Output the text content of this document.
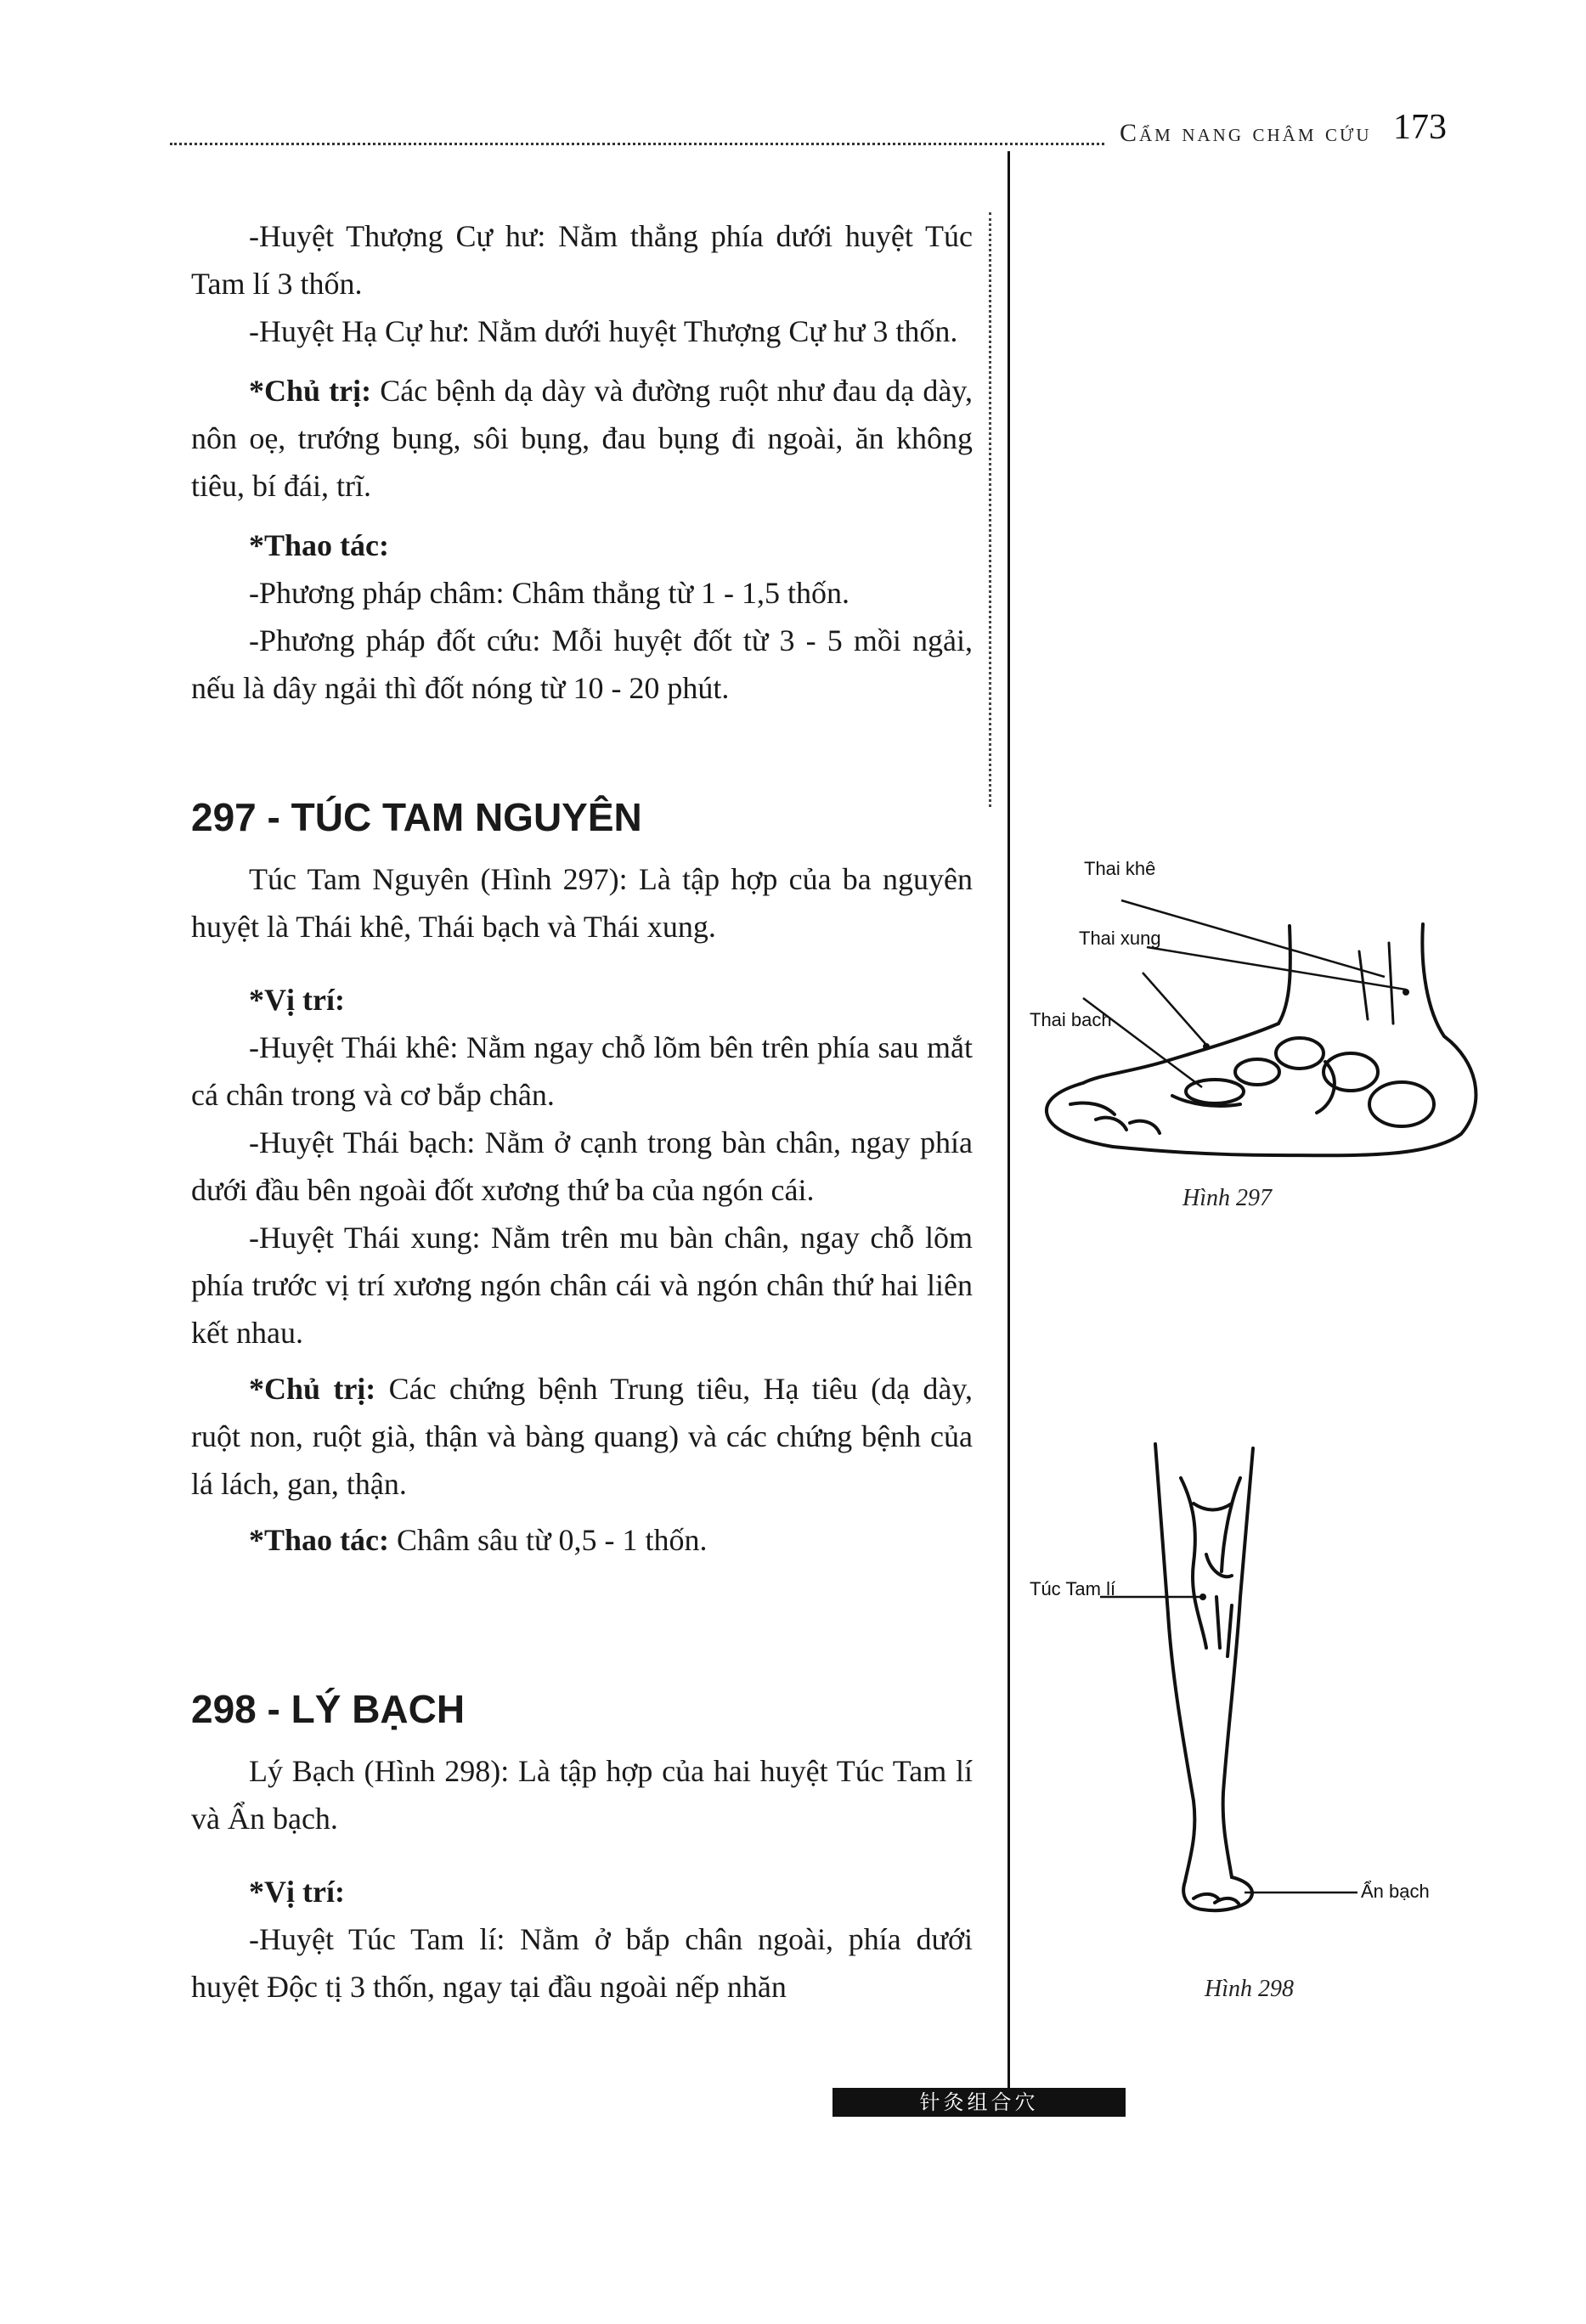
Cẩm nang châm cứu 173

-Huyệt Thượng Cự hư: Nằm thẳng phía dưới huyệt Túc Tam lí 3 thốn.

-Huyệt Hạ Cự hư: Nằm dưới huyệt Thượng Cự hư 3 thốn.

*Chủ trị: Các bệnh dạ dày và đường ruột như đau dạ dày, nôn oẹ, trướng bụng, sôi bụng, đau bụng đi ngoài, ăn không tiêu, bí đái, trĩ.

*Thao tác:

-Phương pháp châm: Châm thẳng từ 1 - 1,5 thốn.

-Phương pháp đốt cứu: Mỗi huyệt đốt từ 3 - 5 mồi ngải, nếu là dây ngải thì đốt nóng từ 10 - 20 phút.

297 - TÚC TAM NGUYÊN

Túc Tam Nguyên (Hình 297): Là tập hợp của ba nguyên huyệt là Thái khê, Thái bạch và Thái xung.

*Vị trí:

-Huyệt Thái khê: Nằm ngay chỗ lõm bên trên phía sau mắt cá chân trong và cơ bắp chân.

-Huyệt Thái bạch: Nằm ở cạnh trong bàn chân, ngay phía dưới đầu bên ngoài đốt xương thứ ba của ngón cái.

-Huyệt Thái xung: Nằm trên mu bàn chân, ngay chỗ lõm phía trước vị trí xương ngón chân cái và ngón chân thứ hai liên kết nhau.

*Chủ trị: Các chứng bệnh Trung tiêu, Hạ tiêu (dạ dày, ruột non, ruột già, thận và bàng quang) và các chứng bệnh của lá lách, gan, thận.

*Thao tác: Châm sâu từ 0,5 - 1 thốn.

298 - LÝ BẠCH

Lý Bạch (Hình 298): Là tập hợp của hai huyệt Túc Tam lí và Ẩn bạch.

*Vị trí:

-Huyệt Túc Tam lí: Nằm ở bắp chân ngoài, phía dưới huyệt Độc tị 3 thốn, ngay tại đầu ngoài nếp nhăn

Thai khê
Thai xung
Thai bach
Hình 297
Túc Tam lí
Ẩn bạch
Hình 298
针灸组合穴
